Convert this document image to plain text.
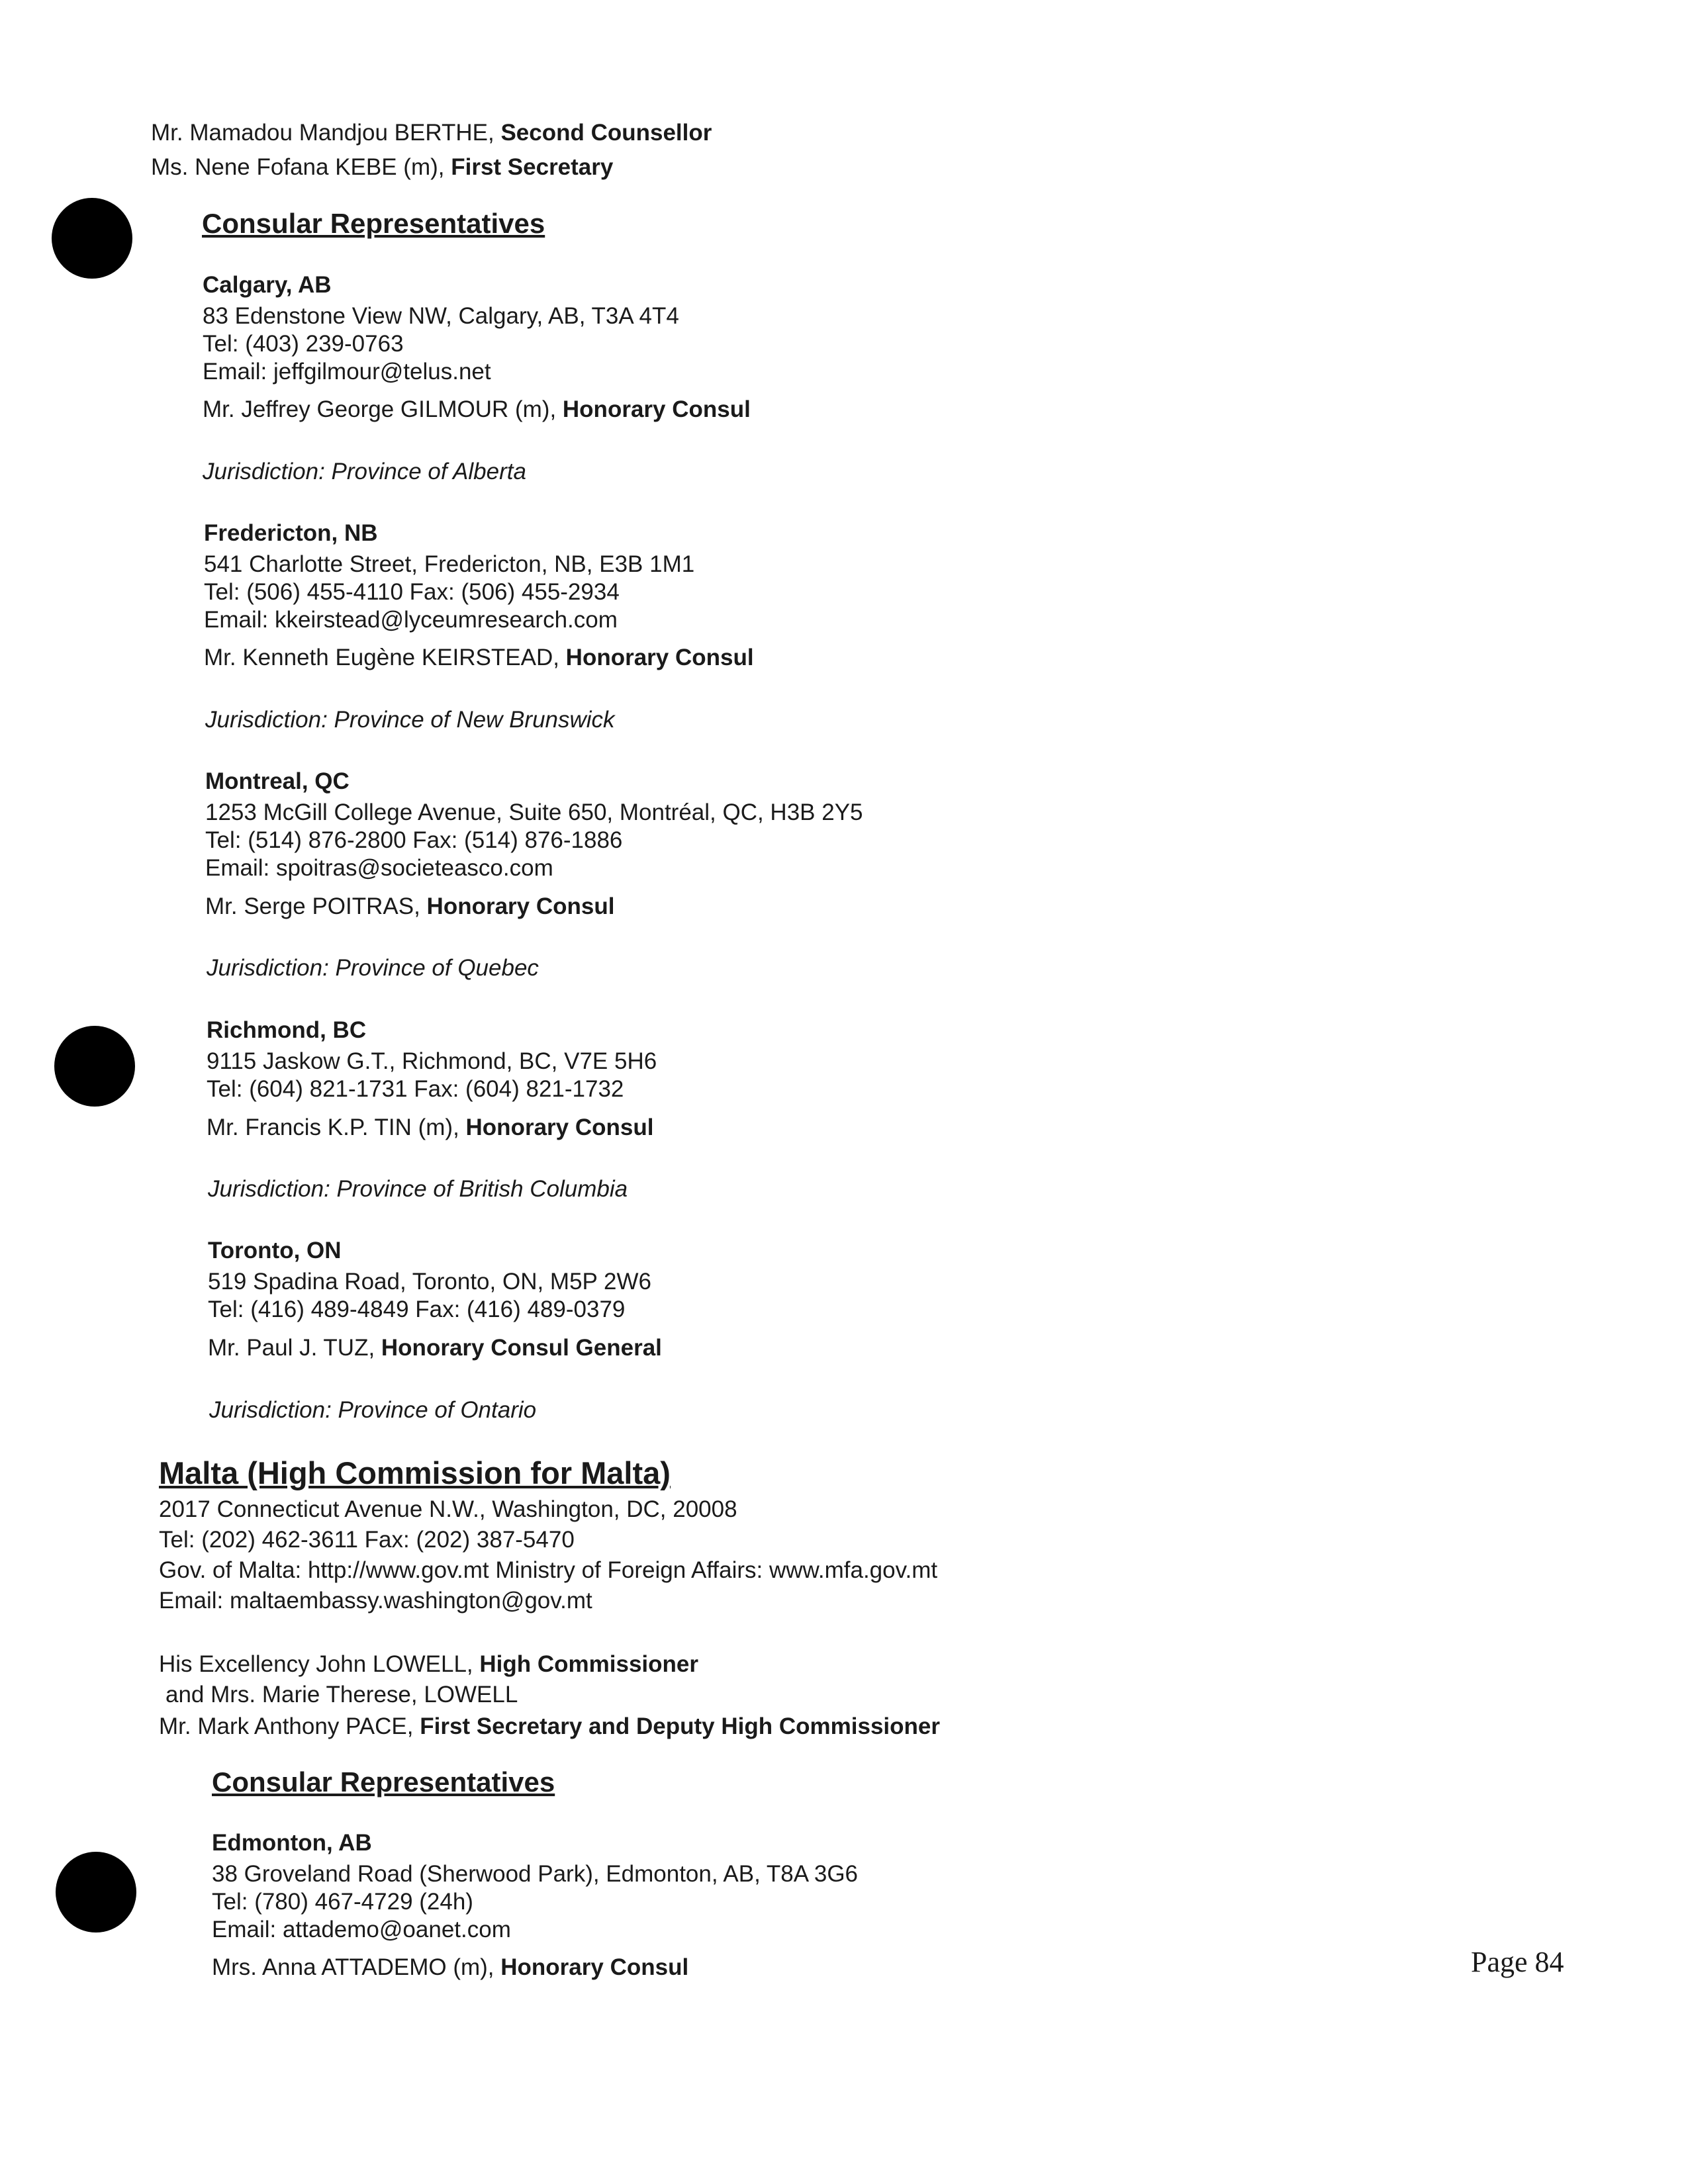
Mr. Mamadou Mandjou BERTHE, Second Counsellor
Ms. Nene Fofana KEBE (m), First Secretary
Consular Representatives
Calgary, AB
83 Edenstone View NW, Calgary, AB, T3A 4T4
Tel: (403) 239-0763
Email: jeffgilmour@telus.net
Mr. Jeffrey George GILMOUR (m), Honorary Consul
Jurisdiction: Province of Alberta
Fredericton, NB
541 Charlotte Street, Fredericton, NB, E3B 1M1
Tel: (506) 455-4110 Fax: (506) 455-2934
Email: kkeirstead@lyceumresearch.com
Mr. Kenneth Eugène KEIRSTEAD, Honorary Consul
Jurisdiction: Province of New Brunswick
Montreal, QC
1253 McGill College Avenue, Suite 650, Montréal, QC, H3B 2Y5
Tel: (514) 876-2800 Fax: (514) 876-1886
Email: spoitras@societeasco.com
Mr. Serge POITRAS, Honorary Consul
Jurisdiction: Province of Quebec
Richmond, BC
9115 Jaskow G.T., Richmond, BC, V7E 5H6
Tel: (604) 821-1731 Fax: (604) 821-1732
Mr. Francis K.P. TIN (m), Honorary Consul
Jurisdiction: Province of British Columbia
Toronto, ON
519 Spadina Road, Toronto, ON, M5P 2W6
Tel: (416) 489-4849 Fax: (416) 489-0379
Mr. Paul J. TUZ, Honorary Consul General
Jurisdiction: Province of Ontario
Malta (High Commission for Malta)
2017 Connecticut Avenue N.W., Washington, DC, 20008
Tel: (202) 462-3611 Fax: (202) 387-5470
Gov. of Malta: http://www.gov.mt Ministry of Foreign Affairs: www.mfa.gov.mt
Email: maltaembassy.washington@gov.mt
His Excellency John LOWELL, High Commissioner
and Mrs. Marie Therese, LOWELL
Mr. Mark Anthony PACE, First Secretary and Deputy High Commissioner
Consular Representatives
Edmonton, AB
38 Groveland Road (Sherwood Park), Edmonton, AB, T8A 3G6
Tel: (780) 467-4729 (24h)
Email: attademo@oanet.com
Mrs. Anna ATTADEMO (m), Honorary Consul	Page 84
